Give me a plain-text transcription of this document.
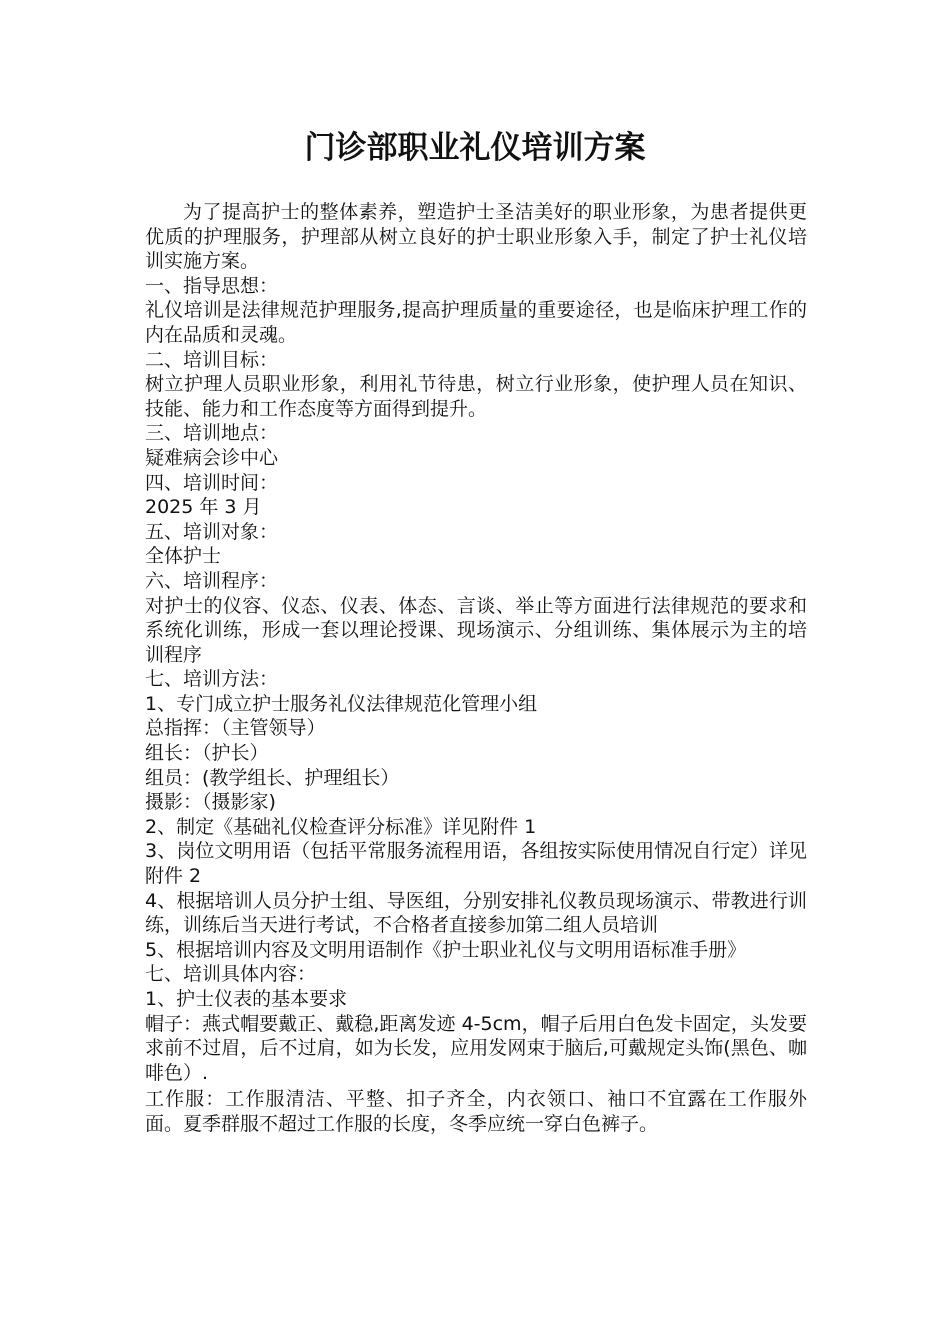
门诊部职业礼仪培训方案

为了提高护士的整体素养，塑造护士圣洁美好的职业形象，为患者提供更优质的护理服务，护理部从树立良好的护士职业形象入手，制定了护士礼仪培训实施方案。

一、指导思想：

礼仪培训是法律规范护理服务,提高护理质量的重要途径，也是临床护理工作的内在品质和灵魂。

二、培训目标：

树立护理人员职业形象，利用礼节待患，树立行业形象，使护理人员在知识、技能、能力和工作态度等方面得到提升。

三、培训地点：

疑难病会诊中心

四、培训时间：

2025 年 3 月

五、培训对象：

全体护士

六、培训程序：

对护士的仪容、仪态、仪表、体态、言谈、举止等方面进行法律规范的要求和系统化训练，形成一套以理论授课、现场演示、分组训练、集体展示为主的培训程序

七、培训方法：

1、专门成立护士服务礼仪法律规范化管理小组

总指挥：（主管领导）

组长：（护长）

组员：(教学组长、护理组长）

摄影：（摄影家)

2、制定《基础礼仪检查评分标准》详见附件 1

3、岗位文明用语（包括平常服务流程用语，各组按实际使用情况自行定）详见附件 2

4、根据培训人员分护士组、导医组，分别安排礼仪教员现场演示、带教进行训练，训练后当天进行考试，不合格者直接参加第二组人员培训

5、根据培训内容及文明用语制作《护士职业礼仪与文明用语标准手册》

七、培训具体内容：

1、护士仪表的基本要求

帽子：燕式帽要戴正、戴稳,距离发迹 4-5cm，帽子后用白色发卡固定，头发要求前不过眉，后不过肩，如为长发，应用发网束于脑后,可戴规定头饰(黑色、咖啡色）.

工作服：工作服清洁、平整、扣子齐全，内衣领口、袖口不宜露在工作服外面。夏季群服不超过工作服的长度，冬季应统一穿白色裤子。
